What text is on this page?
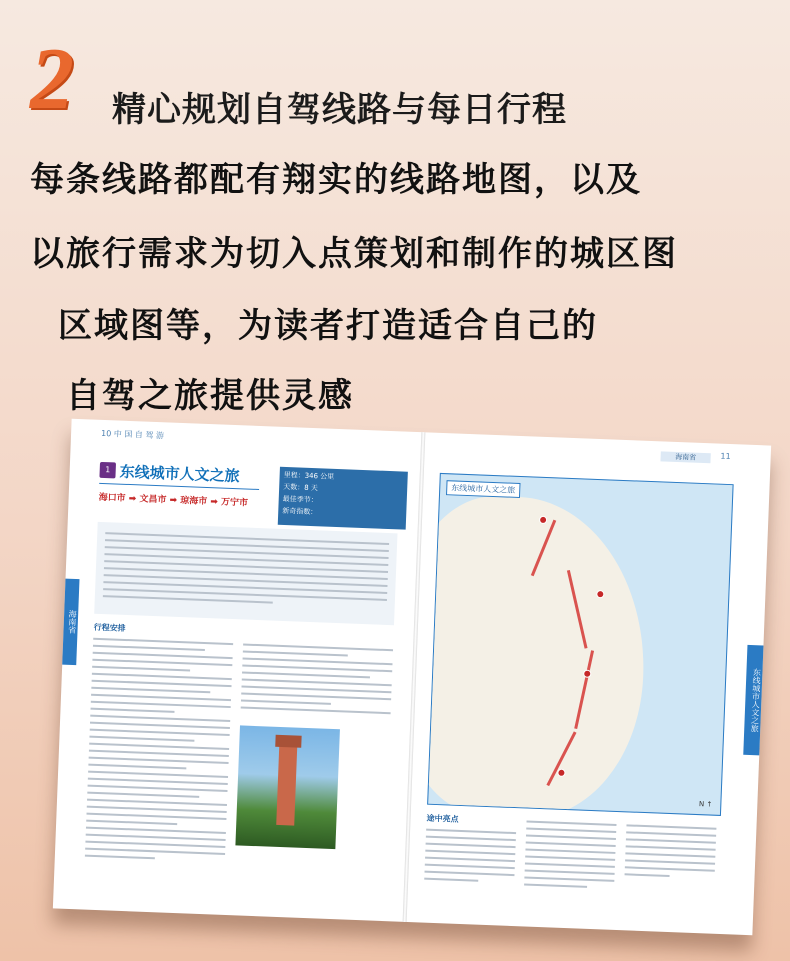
2	精心规划自驾线路与每日行程
每条线路都配有翔实的线路地图，以及
以旅行需求为切入点策划和制作的城区图
区域图等，为读者打造适合自己的
自驾之旅提供灵感
10 中 国 自 驾 游
海南省	11
海南省
东线城市人文之旅
1 东线城市人文之旅
海口市 ➡ 文昌市 ➡ 琼海市 ➡ 万宁市
里程：346 公里
天数：8 天
最佳季节：
新奇指数：
行程安排
东线城市人文之旅
N ↑
途中亮点
